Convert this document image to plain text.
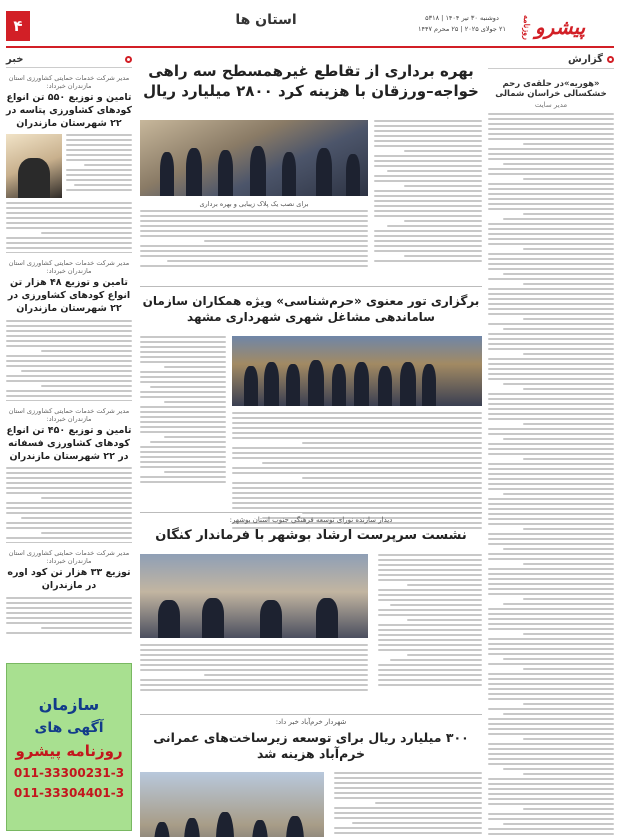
پیشرو
روزنامه
دوشنبه ۳۰ تیر ۱۴۰۴ | ۵۳۱۸
۲۱ جولای ۲۰۲۵ | ۲۵ محرم ۱۴۴۷
استان ها
۴
گزارش
«هوریه»در حلقه‌ی رحم خشکسالی خراسان شمالی
مدیر سایت
بهره برداری از تقاطع غیرهمسطح سه راهی خواجه–ورزقان با هزینه کرد ۲۸۰۰ میلیارد ریال
برای نصب یک پلاک زیبایی و بهره برداری
برگزاری تور معنوی «حرم‌شناسی» ویژه همکاران سازمان ساماندهی مشاغل شهری شهرداری مشهد
دیدار سازنده نورای توسعه فرهنگی جنوب استان بوشهر:
نشست سرپرست ارشاد بوشهر با فرماندار کنگان
شهردار خرم‌آباد خبر داد:
۳۰۰ میلیارد ریال برای توسعه زیرساخت‌های عمرانی خرم‌آباد هزینه شد
خبر
مدیر شرکت خدمات حمایتی کشاورزی استان مازندران خبرداد:
تامین و توزیع ۵۵۰ تن انواع کودهای کشاورزی پتاسه در ۲۲ شهرستان مازندران
مدیر شرکت خدمات حمایتی کشاورزی استان مازندران خبرداد:
تامین و توزیع ۴۸ هزار تن انواع کودهای کشاورزی در ۲۲ شهرستان مازندران
مدیر شرکت خدمات حمایتی کشاورزی استان مازندران خبرداد:
تامین و توزیع ۴۵۰ تن انواع کودهای کشاورزی فسفاته در ۲۲ شهرستان مازندران
مدیر شرکت خدمات حمایتی کشاورزی استان مازندران خبرداد:
توزیع ۳۳ هزار تن کود اوره در مازندران
سازمان
آگهی های
روزنامه پیشرو
011-33300231-3
011-33304401-3
